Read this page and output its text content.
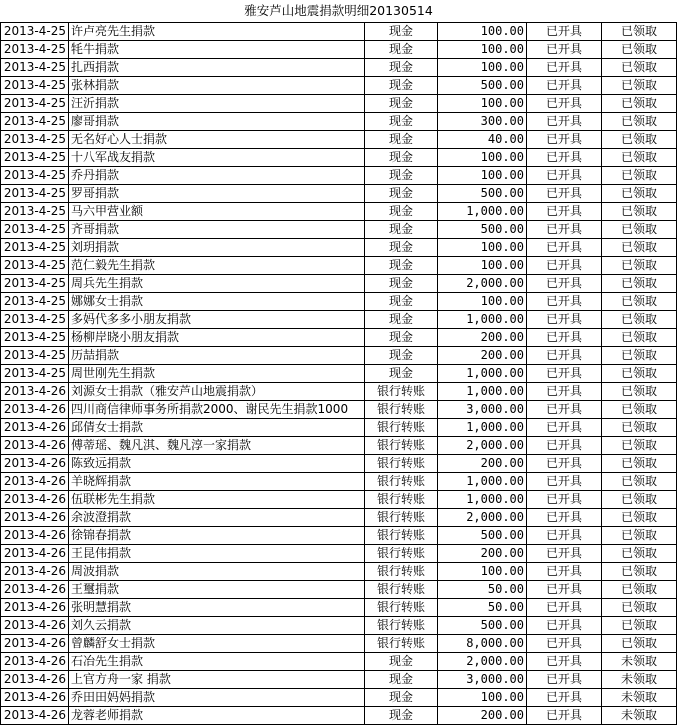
雅安芦山地震捐款明细20130514
2013-4-25	许卢亮先生捐款	现金	100.00	已开具	已领取
2013-4-25	牦牛捐款	现金	100.00	已开具	已领取
2013-4-25	扎西捐款	现金	100.00	已开具	已领取
2013-4-25	张林捐款	现金	500.00	已开具	已领取
2013-4-25	汪沂捐款	现金	100.00	已开具	已领取
2013-4-25	廖哥捐款	现金	300.00	已开具	已领取
2013-4-25	无名好心人士捐款	现金	40.00	已开具	已领取
2013-4-25	十八军战友捐款	现金	100.00	已开具	已领取
2013-4-25	乔丹捐款	现金	100.00	已开具	已领取
2013-4-25	罗哥捐款	现金	500.00	已开具	已领取
2013-4-25	马六甲营业额	现金	1,000.00	已开具	已领取
2013-4-25	齐哥捐款	现金	500.00	已开具	已领取
2013-4-25	刘玥捐款	现金	100.00	已开具	已领取
2013-4-25	范仁毅先生捐款	现金	100.00	已开具	已领取
2013-4-25	周兵先生捐款	现金	2,000.00	已开具	已领取
2013-4-25	娜娜女士捐款	现金	100.00	已开具	已领取
2013-4-25	多妈代多多小朋友捐款	现金	1,000.00	已开具	已领取
2013-4-25	杨柳岸晓小朋友捐款	现金	200.00	已开具	已领取
2013-4-25	历喆捐款	现金	200.00	已开具	已领取
2013-4-25	周世刚先生捐款	现金	1,000.00	已开具	已领取
2013-4-26	刘源女士捐款（雅安芦山地震捐款）	银行转账	1,000.00	已开具	已领取
2013-4-26	四川商信律师事务所捐款2000、谢民先生捐款1000	银行转账	3,000.00	已开具	已领取
2013-4-26	邱倩女士捐款	银行转账	1,000.00	已开具	已领取
2013-4-26	傅蒂瑶、魏凡淇、魏凡淳一家捐款	银行转账	2,000.00	已开具	已领取
2013-4-26	陈致远捐款	银行转账	200.00	已开具	已领取
2013-4-26	羊晓辉捐款	银行转账	1,000.00	已开具	已领取
2013-4-26	伍联彬先生捐款	银行转账	1,000.00	已开具	已领取
2013-4-26	余波澄捐款	银行转账	2,000.00	已开具	已领取
2013-4-26	徐锦春捐款	银行转账	500.00	已开具	已领取
2013-4-26	王昆伟捐款	银行转账	200.00	已开具	已领取
2013-4-26	周波捐款	银行转账	100.00	已开具	已领取
2013-4-26	王璽捐款	银行转账	50.00	已开具	已领取
2013-4-26	张明慧捐款	银行转账	50.00	已开具	已领取
2013-4-26	刘久云捐款	银行转账	500.00	已开具	已领取
2013-4-26	曾麟舒女士捐款	银行转账	8,000.00	已开具	已领取
2013-4-26	石冶先生捐款	现金	2,000.00	已开具	未领取
2013-4-26	上官方舟一家 捐款	现金	3,000.00	已开具	未领取
2013-4-26	乔田田妈妈捐款	现金	100.00	已开具	未领取
2013-4-26	龙蓉老师捐款	现金	200.00	已开具	未领取
